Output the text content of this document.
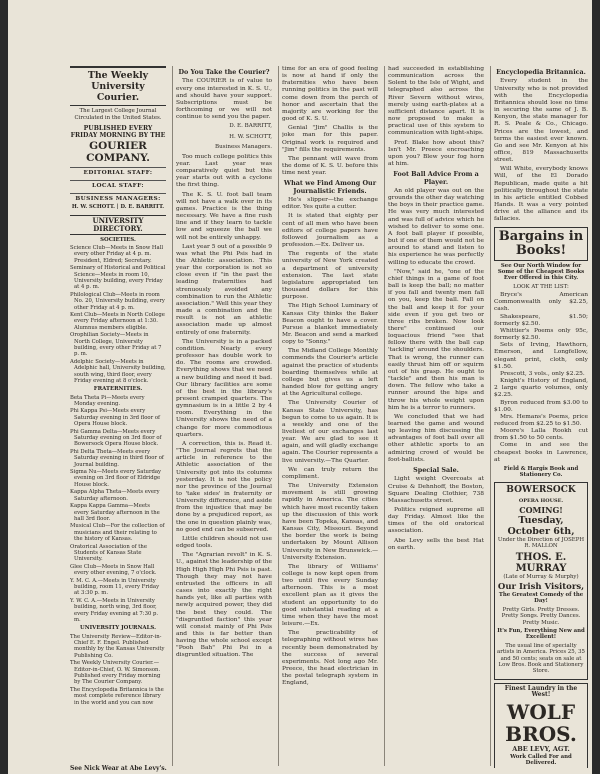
The Weekly University Courier.
The Largest College Journal Circulated in the United States.
PUBLISHED EVERY FRIDAY MORNING BY THE
GOURIER COMPANY.
EDITORIAL STAFF:
LOCAL STAFF:
BUSINESS MANAGERS:
H. W. SCHOTT. | D. E. BARRITT.
UNIVERSITY DIRECTORY.
SOCIETIES.
Science Club—Meets in Snow Hall every other Friday at 4 p. m. President, Eldred; Secretary.
Seminary of Historical and Political Science—Meets in room 10, University building, every Friday at 4 p. m.
Philological Club—Meets in room No. 20, University building, every other Friday at 4 p. m.
Kent Club—Meets in North College every Friday afternoon at 1:30. Alumnus members eligible.
Orophilian Society—Meets in North College, University building, every other Friday at 7 p. m.
Adelphic Society—Meets in Adelphic hall, University building, south wing, third floor, every Friday evening at 8 o'clock.
FRATERNITIES.
Beta Theta Pi—Meets every Monday evening.
Phi Kappa Psi—Meets every Saturday evening in 3rd floor of Opera House block.
Phi Gamma Delta—Meets every Saturday evening on 3rd floor of Bowersock Opera House block.
Phi Delta Theta—Meets every Saturday evening in third floor of Journal building.
Sigma Nu—Meets every Saturday evening on 3rd floor of Eldridge House block.
Kappa Alpha Theta—Meets every Saturday afternoon.
Kappa Kappa Gamma—Meets every Saturday afternoon in the hall 3rd floor.
Musical Club—For the collection of musicians and their relating to the history of Kansas.
Oratorical Association of the Students of Kansas State University.
Glee Club—Meets in Snow Hall every other evening, 7 o'clock.
Y. M. C. A.—Meets in University building, room 11, every Friday at 3:30 p. m.
Y. W. C. A.—Meets in University building, north wing, 3rd floor, every Friday evening at 7:30 p. m.
UNIVERSITY JOURNALS.
The University Review—Editor-in-Chief E. F. Engel. Published monthly by the Kansas University Publishing Co.
The Weekly University Courier.—Editor-in-Chief, O. W. Simonson. Published every Friday morning by The Courier Company.
The Encyclopedia Britannica is the most complete reference library in the world and you can now
See Nick Wear at Abe Levy's.
Do You Take the Courier?

The COURIER is of value to every one interested in K. S. U., and should have your support. Subscriptions must be forthcoming or we will not continue to send you the paper.

D. E. BARRITT,
H. W. SCHOTT,
Business Managers.

Too much college politics this year. Last year was comparatively quiet but this year starts out with a cyclone the first thing.

The K. S. U. foot ball team will not have a walk over in its games. Practice is the thing necessary. We have a fine rush line and if they learn to tackle low and squeeze the ball we will not be entirely unhappy.

Last year 5 out of a possible 9 was what the Phi Psis had in the Athletic association. This year the corporation is not so close even if "in the past the leading fraternities had strenuously avoided any combination to run the Athletic association." Well this year they made a combination and the result is not an athletic association made up almost entirely of one fraternity.

The University is in a packed condition. Nearly every professor has double work to do. The rooms are crowded. Everything shows that we need a new building and need it bad. Our library facilities are some of the best in the library's present cramped quarters. The gymnasium is in a little 2 by 4 room. Everything in the University shows the need of a change for more commodious quarters.

A correction, this is. Read it. "The Journal regrets that the article in reference to the Athletic association of the University got into its columns yesterday. It is not the policy nor the province of the Journal to 'take sides' in fraternity or University difference, and aside from the injustice that may be done by a prejudiced report, as the one in question plainly was, no good end can be subserved.

Little children should not use edged tools.

The "Agrarian revolt" in K. S. U., against the leadership of the High High High Phi Psis is past. Though they may not have entrusted the officers in all cases into exactly the right hands yet, like all parties with newly acquired power, they did the best they could. The "disgruntled faction" this year will consist mainly of Phi Psis and this is far better than having the whole school except "Pooh Bah" Phi Psi in a disgruntled situation. The

time for an era of good feeling is now at hand if only the fraternities who have been running politics in the past will come down from the perch of honor and ascertain that the majority are working for the good of K. S. U.

Genial "Jim" Challis is the joke man for this paper. Original work is required and "Jim" fills the requirements.

The pennant will wave from the dome of K. S. U. before this time next year.

What we Find Among Our Journalistic Friends.

He's slipper—the exchange editor. Yes quite a cutter.

It is stated that eighty per cent of all men who have been editors of college papers have followed journalism as a profession.—Ex. Deliver us.

The regents of the state university of New York created a department of university extension. The last state legislature appropriated ten thousand dollars for this purpose.

The High School Luminary of Kansas City thinks the Baker Beacon ought to have a cover. Pursue a blanket immediately Mr. Beacon and send a marked copy to "Sonny."

The Midland College Monthly commends the Courier's article against the practice of students boarding themselves while at college but gives us a left handed blow for getting angry at the Agricultural college.

The University Courier of Kansas State University, has begun to come to us again. It is a weekly and one of the liveliest of our exchanges last year. We are glad to see it again, and will gladly exchange again. The Courier represents a live university.—The Quarter.

We can truly return the compliment.

The University Extension movement is still growing rapidly in America. The cities which have most recently taken up the discussion of this work have been Topeka, Kansas, and Kansas City, Missouri. Beyond the border the work is being undertaken by Mount Allison University in New Brunswick.—University Extension.

The library of Williams' college is now kept open from two until five every Sunday afternoon. This is a most excellent plan as it gives the student an opportunity to do good substantial reading at a time when they have the most leisure.—Ex.

The practicability of telegraphing without wires has recently been demonstrated by the success of several experiments. Not long ago Mr. Preece, the head electrician in the postal telegraph system in England,

had succeeded in establishing communication across the Solent to the Isle of Wight, and telegraphed also across the River Severn without wires, merely using earth-plates at a sufficient distance apart. It is now proposed to make a practical use of this system to communication with light-ships.

Prof. Blake how about this? Isn't Mr. Preece encroaching upon you? Blew your fog horn at him.

Foot Ball Advice From a Player.

An old player was out on the grounds the other day watching the boys in their practice game. He was very much interested and was full of advice which he wished to deliver to some one. A foot ball player if possible, but if one of them would not be around to stand and listen to his experience he was perfectly willing to educate the crowd.

"Now," said he, "one of the chief things in a game of foot ball is keep the ball; no matter if you fall and twenty men fall on you, keep the ball. Fall on the ball and keep it for your side even if you get two or three ribs broken. Now look there" continued our loquacious friend "see that fellow there with the ball cap 'tackling' around the shoulders. That is wrong, the runner can easily thrust him off or squirm out of his grasp. He ought to "tackle" and then his man is down. The fellow who take a runner around the hips and throw his whole weight upon him he is a terror to runners.

We concluded that we had learned the game and wound up leaving him discussing the advantages of foot ball over all other athletic sports to an admiring crowd of would be foot-ballists.

Special Sale.

Light weight Overcoats at Cruise & Dehnhoff, the Boston, Square Dealing Clothier, 738 Massachusetts street.

Politics reigned supreme all day Friday. Almost like the times of the old oratorical association.

Abe Levy sells the best Hat on earth.

Encyclopedia Britannica.

Every student in the University who is not provided with the Encyclopedia Britannica should lose no time in securing the same of J. B. Kenyon, the state manager for R. S. Peale & Co., Chicago. Prices are the lowest, and terms the easiest ever known. Go and see Mr. Kenyon at his office, 819 Massachusetts street.

Will White, everybody knows Will, of the El Dorado Republican, made quite a hit politically throughout the state in his article entitled Cobbed Hands. It was a very pointed drive at the alliance and its fallacies.

Bargains in Books!
See Our North Window for Some of the Cheapest Books Ever Offered in this City.
LOOK AT THE LIST:

Bryce's American Commonwealth only $2.25, cash.

Shakespeare, $1.50; formerly $2.50.

Whittier's Poems only 95c, formerly $2.50.

Sets of Irving, Hawthorn, Emerson, and Longfellow, elegant print, cloth, only $1.50.

Prescott, 3 vols., only $2.25.

Knight's History of England, 2 large quarto volumes, only $2.25.

Byron reduced from $3.00 to $1.00.

Mrs. Hemans's Poems, price reduced from $2.25 to $1.50.

Moore's Lalla Rookh cut from $1.50 to 50 cents.

Come in and see the cheapest books in Lawrence, at

Field & Hargis Book and Stationery Co.
BOWERSOCK OPERA HOUSE.
COMING!
Tuesday, October 6th,
Under the Direction of JOSEPH R. MALLON
THOS. E. MURRAY
(Late of Murray & Murphy)
Our Irish Visitors,
The Greatest Comedy of the Day!
Pretty Girls. Pretty Dresses. Pretty Songs. Pretty Dances. Pretty Music.
It's Fun, Everything New and Excellent!
The usual line of specialty artists in America. Prices 25, 35 and 50 cents; seats on sale at Low Bros. Book and Stationery Store.
Finest Laundry in the West!
WOLF BROS.
ABE LEVY, AGT.
Work Called For and Delivered.
